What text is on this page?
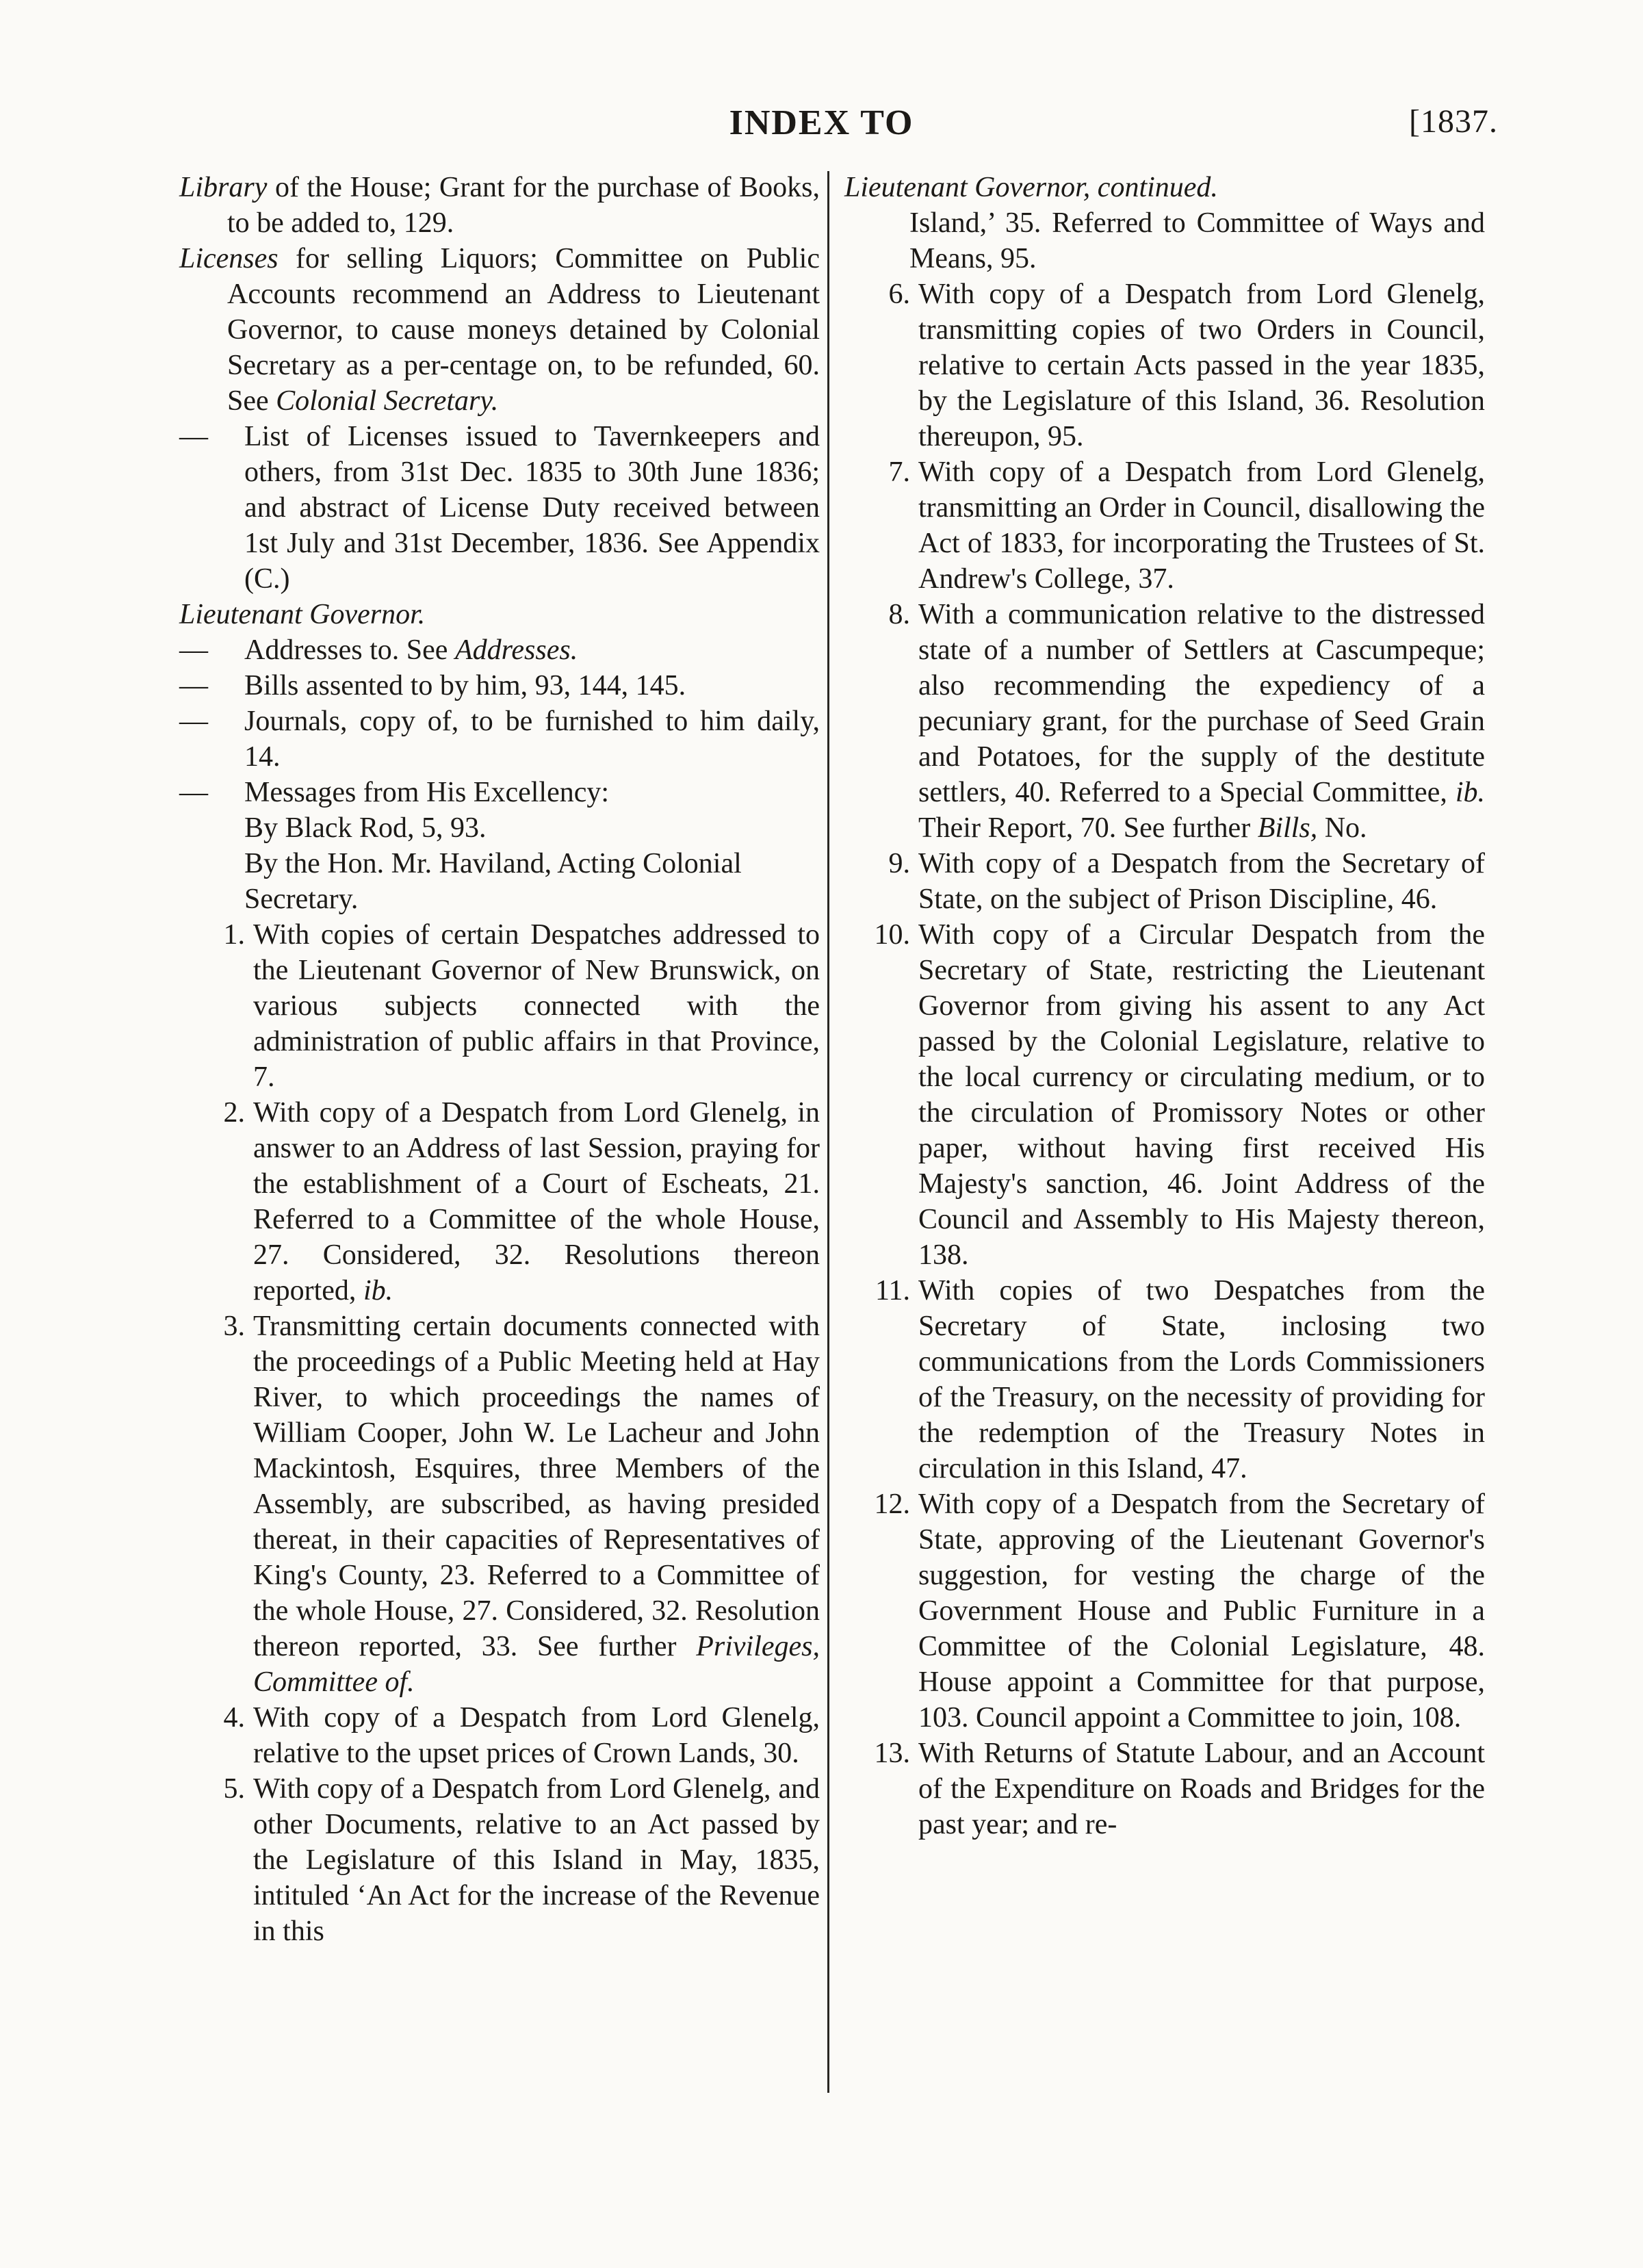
INDEX TO	[1837.
Library of the House; Grant for the purchase of Books, to be added to, 129.
Licenses for selling Liquors; Committee on Public Accounts recommend an Address to Lieutenant Governor, to cause moneys detained by Colonial Secretary as a per-centage on, to be refunded, 60. See Colonial Secretary.
—	List of Licenses issued to Tavernkeepers and others, from 31st Dec. 1835 to 30th June 1836; and abstract of License Duty received between 1st July and 31st December, 1836. See Appendix (C.)
Lieutenant Governor.
—	Addresses to. See Addresses.
—	Bills assented to by him, 93, 144, 145.
—	Journals, copy of, to be furnished to him daily, 14.
—	Messages from His Excellency:
By Black Rod, 5, 93.
By the Hon. Mr. Haviland, Acting Colonial Secretary.
1. With copies of certain Despatches addressed to the Lieutenant Governor of New Brunswick, on various subjects connected with the administration of public affairs in that Province, 7.
2. With copy of a Despatch from Lord Glenelg, in answer to an Address of last Session, praying for the establishment of a Court of Escheats, 21. Referred to a Committee of the whole House, 27. Considered, 32. Resolutions thereon reported, ib.
3. Transmitting certain documents connected with the proceedings of a Public Meeting held at Hay River, to which proceedings the names of William Cooper, John W. Le Lacheur and John Mackintosh, Esquires, three Members of the Assembly, are subscribed, as having presided thereat, in their capacities of Representatives of King's County, 23. Referred to a Committee of the whole House, 27. Considered, 32. Resolution thereon reported, 33. See further Privileges, Committee of.
4. With copy of a Despatch from Lord Glenelg, relative to the upset prices of Crown Lands, 30.
5. With copy of a Despatch from Lord Glenelg, and other Documents, relative to an Act passed by the Legislature of this Island in May, 1835, intituled ‘An Act for the increase of the Revenue in this
Lieutenant Governor, continued.
Island,’ 35. Referred to Committee of Ways and Means, 95.
6. With copy of a Despatch from Lord Glenelg, transmitting copies of two Orders in Council, relative to certain Acts passed in the year 1835, by the Legislature of this Island, 36. Resolution thereupon, 95.
7. With copy of a Despatch from Lord Glenelg, transmitting an Order in Council, disallowing the Act of 1833, for incorporating the Trustees of St. Andrew's College, 37.
8. With a communication relative to the distressed state of a number of Settlers at Cascumpeque; also recommending the expediency of a pecuniary grant, for the purchase of Seed Grain and Potatoes, for the supply of the destitute settlers, 40. Referred to a Special Committee, ib. Their Report, 70. See further Bills, No.
9. With copy of a Despatch from the Secretary of State, on the subject of Prison Discipline, 46.
10. With copy of a Circular Despatch from the Secretary of State, restricting the Lieutenant Governor from giving his assent to any Act passed by the Colonial Legislature, relative to the local currency or circulating medium, or to the circulation of Promissory Notes or other paper, without having first received His Majesty's sanction, 46. Joint Address of the Council and Assembly to His Majesty thereon, 138.
11. With copies of two Despatches from the Secretary of State, inclosing two communications from the Lords Commissioners of the Treasury, on the necessity of providing for the redemption of the Treasury Notes in circulation in this Island, 47.
12. With copy of a Despatch from the Secretary of State, approving of the Lieutenant Governor's suggestion, for vesting the charge of the Government House and Public Furniture in a Committee of the Colonial Legislature, 48. House appoint a Committee for that purpose, 103. Council appoint a Committee to join, 108.
13. With Returns of Statute Labour, and an Account of the Expenditure on Roads and Bridges for the past year; and re-
